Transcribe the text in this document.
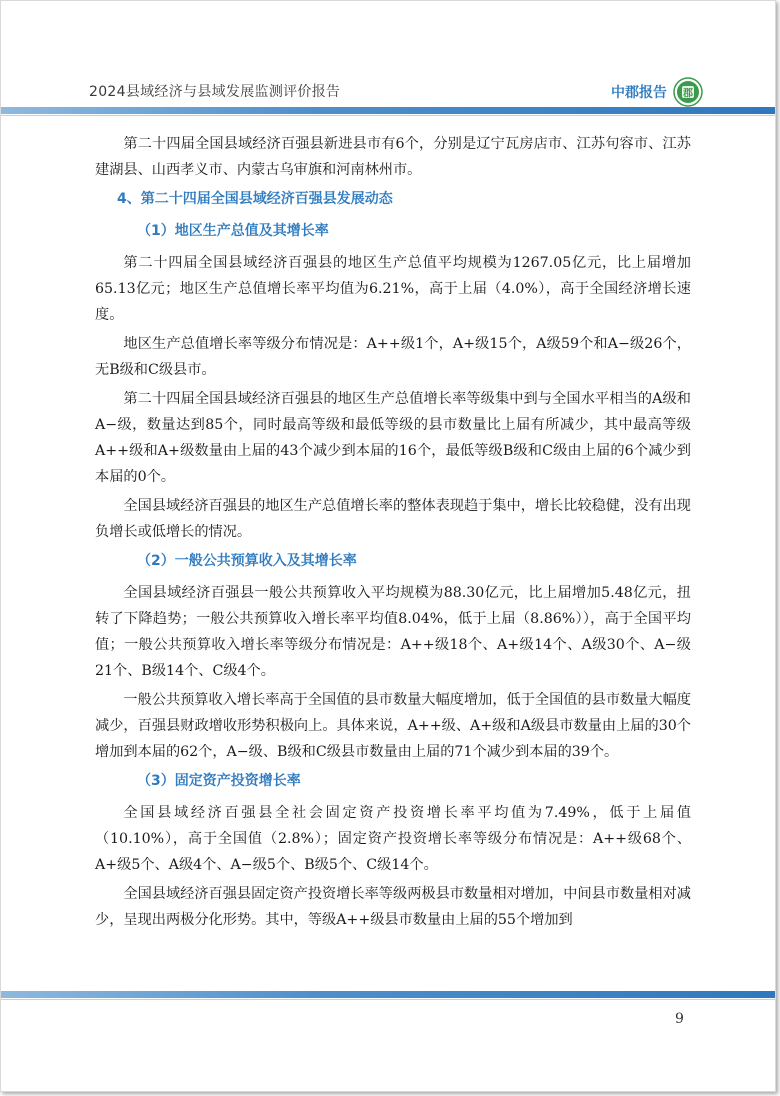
2024县域经济与县域发展监测评价报告	中郡报告 郡

第二十四届全国县域经济百强县新进县市有6个，分别是辽宁瓦房店市、江苏句容市、江苏建湖县、山西孝义市、内蒙古乌审旗和河南林州市。

4、第二十四届全国县域经济百强县发展动态
（1）地区生产总值及其增长率

第二十四届全国县域经济百强县的地区生产总值平均规模为1267.05亿元，比上届增加65.13亿元；地区生产总值增长率平均值为6.21%，高于上届（4.0%），高于全国经济增长速度。

地区生产总值增长率等级分布情况是：A++级1个，A+级15个，A级59个和A−级26个，无B级和C级县市。

第二十四届全国县域经济百强县的地区生产总值增长率等级集中到与全国水平相当的A级和A−级，数量达到85个，同时最高等级和最低等级的县市数量比上届有所减少，其中最高等级A++级和A+级数量由上届的43个减少到本届的16个，最低等级B级和C级由上届的6个减少到本届的0个。

全国县域经济百强县的地区生产总值增长率的整体表现趋于集中，增长比较稳健，没有出现负增长或低增长的情况。

（2）一般公共预算收入及其增长率

全国县域经济百强县一般公共预算收入平均规模为88.30亿元，比上届增加5.48亿元，扭转了下降趋势；一般公共预算收入增长率平均值8.04%，低于上届（8.86%）），高于全国平均值；一般公共预算收入增长率等级分布情况是：A++级18个、A+级14个、A级30个、A−级21个、B级14个、C级4个。

一般公共预算收入增长率高于全国值的县市数量大幅度增加，低于全国值的县市数量大幅度减少，百强县财政增收形势积极向上。具体来说，A++级、A+级和A级县市数量由上届的30个增加到本届的62个，A−级、B级和C级县市数量由上届的71个减少到本届的39个。

（3）固定资产投资增长率

全国县域经济百强县全社会固定资产投资增长率平均值为7.49%，低于上届值（10.10%），高于全国值（2.8%）；固定资产投资增长率等级分布情况是：A++级68个、A+级5个、A级4个、A−级5个、B级5个、C级14个。

全国县域经济百强县固定资产投资增长率等级两极县市数量相对增加，中间县市数量相对减少，呈现出两极分化形势。其中，等级A++级县市数量由上届的55个增加到

9
